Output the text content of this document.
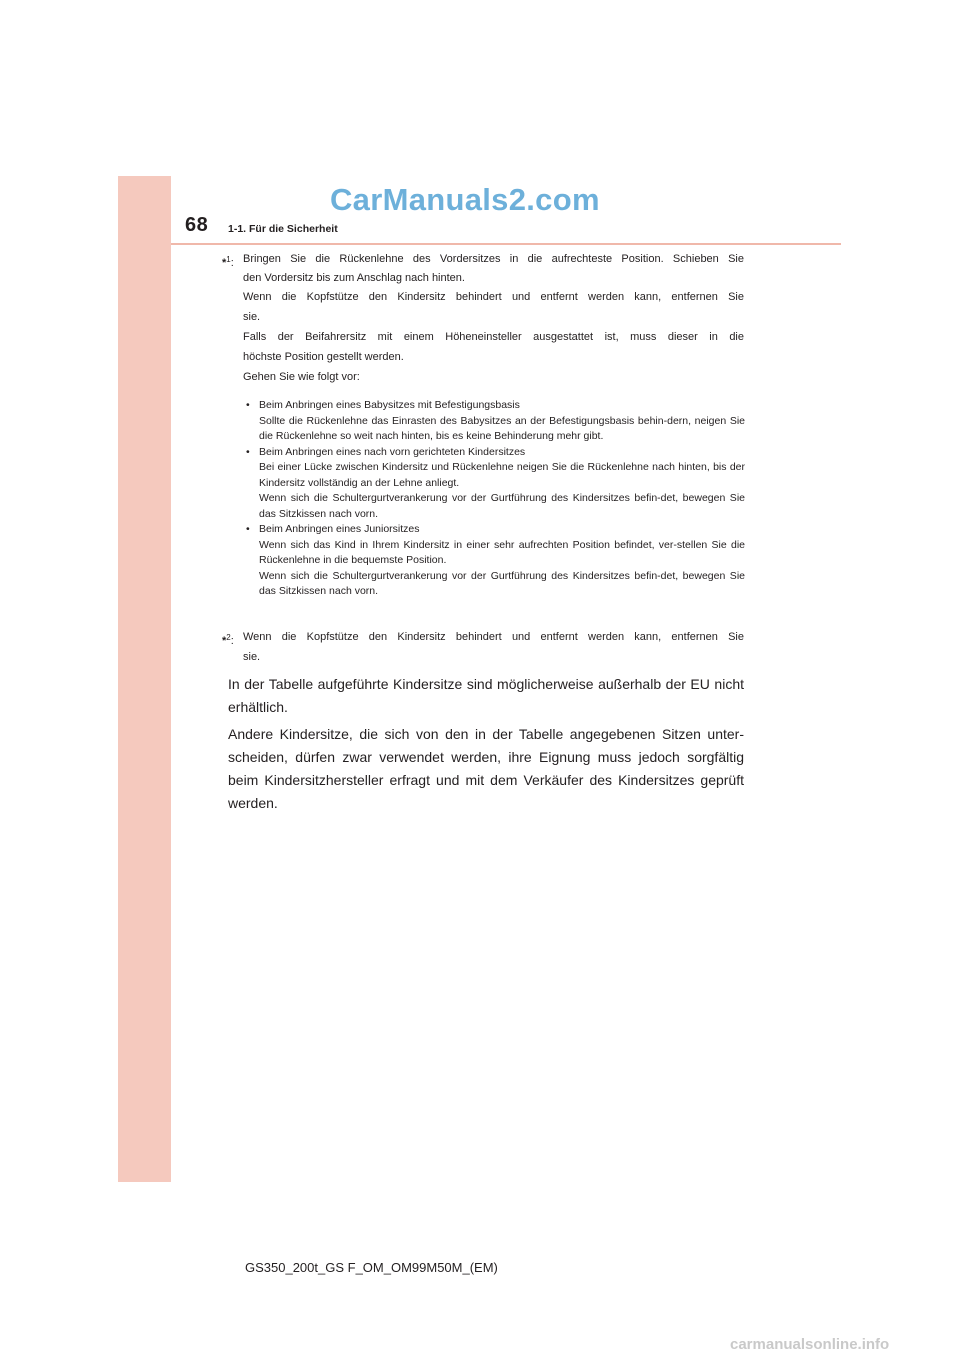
CarManuals2.com
68 1-1. Für die Sicherheit
*$^1$: Bringen Sie die Rückenlehne des Vordersitzes in die aufrechteste Position. Schieben Sie
den Vordersitz bis zum Anschlag nach hinten.
Wenn die Kopfstütze den Kindersitz behindert und entfernt werden kann, entfernen Sie
sie.
Falls der Beifahrersitz mit einem Höheneinsteller ausgestattet ist, muss dieser in die
höchste Position gestellt werden.
Gehen Sie wie folgt vor:
• Beim Anbringen eines Babysitzes mit Befestigungsbasis
Sollte die Rückenlehne das Einrasten des Babysitzes an der Befestigungsbasis behin-dern, neigen Sie die Rückenlehne so weit nach hinten, bis es keine Behinderung mehr gibt.
• Beim Anbringen eines nach vorn gerichteten Kindersitzes
Bei einer Lücke zwischen Kindersitz und Rückenlehne neigen Sie die Rückenlehne nach hinten, bis der Kindersitz vollständig an der Lehne anliegt.
Wenn sich die Schultergurtverankerung vor der Gurtführung des Kindersitzes befin-det, bewegen Sie das Sitzkissen nach vorn.
• Beim Anbringen eines Juniorsitzes
Wenn sich das Kind in Ihrem Kindersitz in einer sehr aufrechten Position befindet, ver-stellen Sie die Rückenlehne in die bequemste Position.
Wenn sich die Schultergurtverankerung vor der Gurtführung des Kindersitzes befin-det, bewegen Sie das Sitzkissen nach vorn.
*$^2$: Wenn die Kopfstütze den Kindersitz behindert und entfernt werden kann, entfernen Sie
sie.
In der Tabelle aufgeführte Kindersitze sind möglicherweise außerhalb der EU nicht erhältlich.
Andere Kindersitze, die sich von den in der Tabelle angegebenen Sitzen unter-scheiden, dürfen zwar verwendet werden, ihre Eignung muss jedoch sorgfältig beim Kindersitzhersteller erfragt und mit dem Verkäufer des Kindersitzes geprüft werden.
GS350_200t_GS F_OM_OM99M50M_(EM)
carmanualsonline.info
